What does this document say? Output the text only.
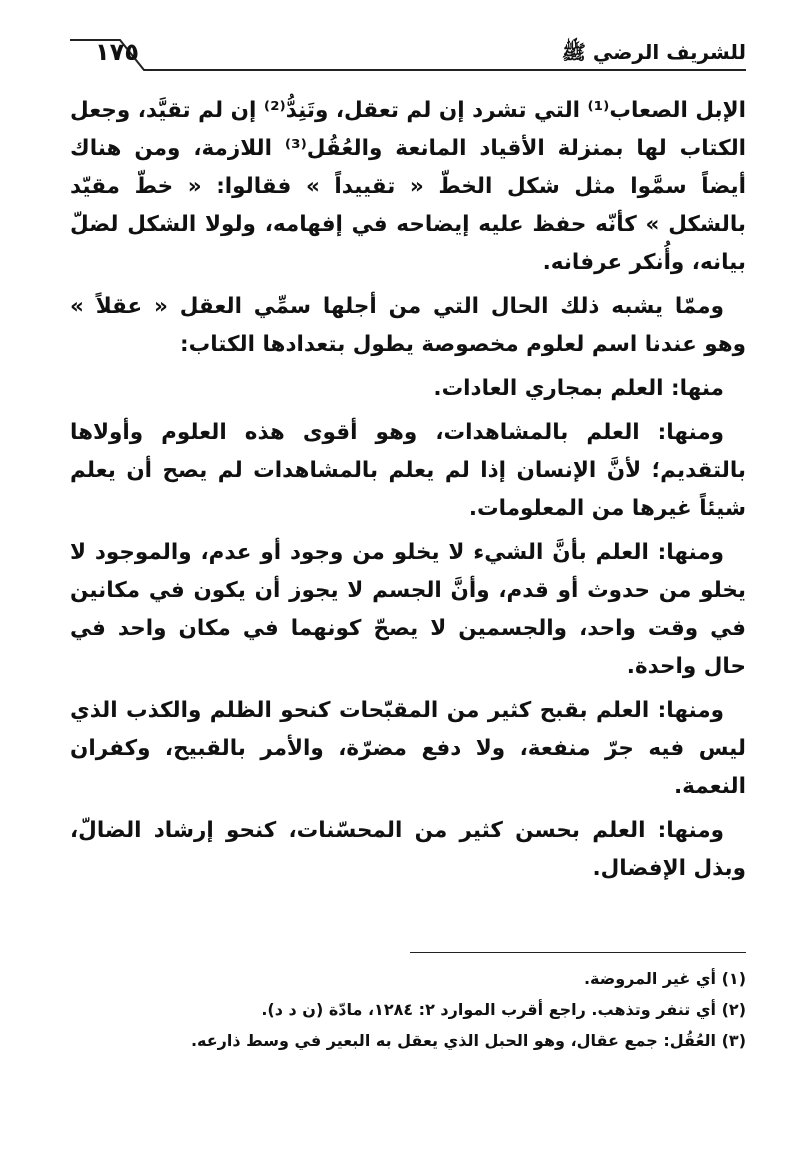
١٧٥	للشريف الرضي ﷺ

الإبل الصعاب⁽¹⁾ التي تشرد إن لم تعقل، وتَنِدُّ⁽²⁾ إن لم تقيَّد، وجعل الكتاب لها بمنزلة الأقياد المانعة والعُقُل⁽³⁾ اللازمة، ومن هناك أيضاً سمَّوا مثل شكل الخطّ « تقييداً » فقالوا: « خطّ مقيّد بالشكل » كأنّه حفظ عليه إيضاحه في إفهامه، ولولا الشكل لضلّ بيانه، وأُنكر عرفانه.

وممّا يشبه ذلك الحال التي من أجلها سمِّي العقل « عقلاً » وهو عندنا اسم لعلوم مخصوصة يطول بتعدادها الكتاب:

منها: العلم بمجاري العادات.

ومنها: العلم بالمشاهدات، وهو أقوى هذه العلوم وأولاها بالتقديم؛ لأنَّ الإنسان إذا لم يعلم بالمشاهدات لم يصح أن يعلم شيئاً غيرها من المعلومات.

ومنها: العلم بأنَّ الشيء لا يخلو من وجود أو عدم، والموجود لا يخلو من حدوث أو قدم، وأنَّ الجسم لا يجوز أن يكون في مكانين في وقت واحد، والجسمين لا يصحّ كونهما في مكان واحد في حال واحدة.

ومنها: العلم بقبح كثير من المقبّحات كنحو الظلم والكذب الذي ليس فيه جرّ منفعة، ولا دفع مضرّة، والأمر بالقبيح، وكفران النعمة.

ومنها: العلم بحسن كثير من المحسّنات، كنحو إرشاد الضالّ، وبذل الإفضال.

(١) أي غير المروضة.

(٢) أي تنفر وتذهب. راجع أقرب الموارد ٢: ١٢٨٤، مادّة (ن د د).

(٣) العُقُل: جمع عقال، وهو الحبل الذي يعقل به البعير في وسط ذارعه.
